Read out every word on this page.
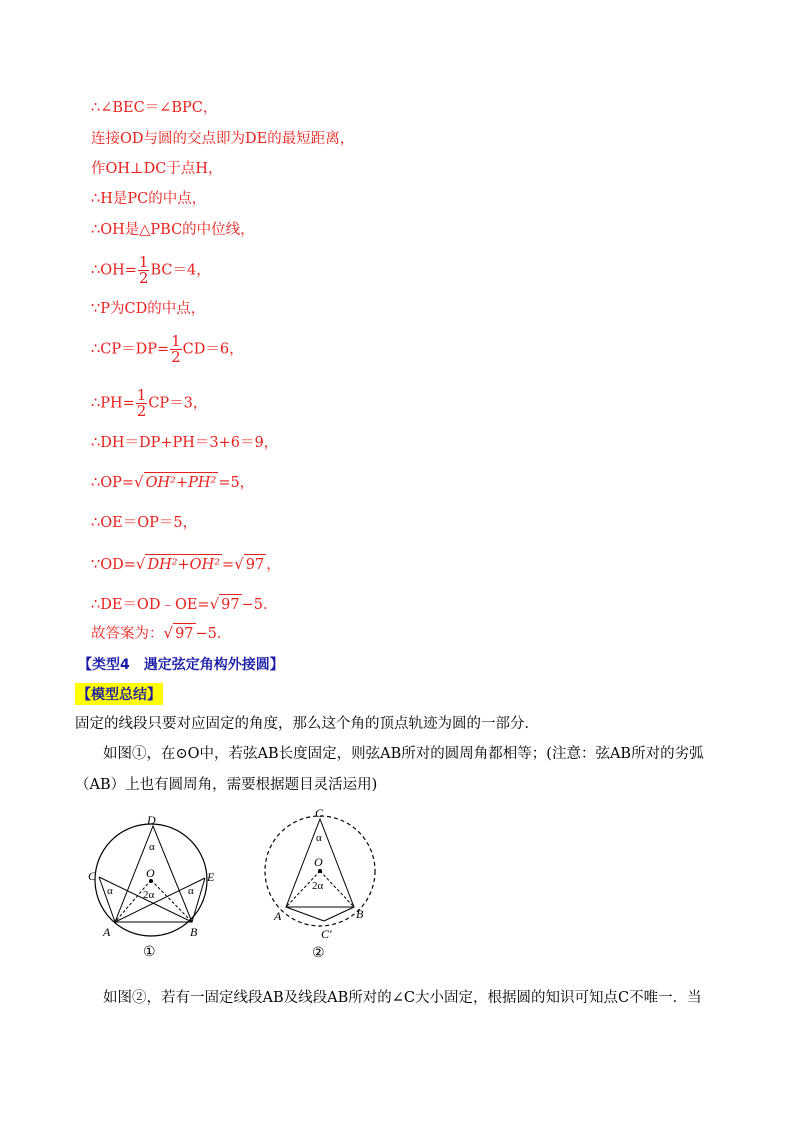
∴∠BEC＝∠BPC，
连接OD与圆的交点即为DE的最短距离，
作OH⊥DC于点H，
∴H是PC的中点，
∴OH是△PBC的中位线，
∴OH= $\frac{1}{2} BC=4$，
∵P为CD的中点，
∴CP＝DP= $\frac{1}{2} CD=6$，
∴PH= $\frac{1}{2} CP=3$，
∴DH＝DP+PH＝3+6＝9，
∴OP=√ OH²+PH² =5，
∴OE＝OP＝5，
∵OD=√ DH²+OH² =√ 97 ，
∴DE＝OD﹣OE=√ 97 −5．
故答案为：√ 97 −5．
【类型4　遇定弦定角构外接圆】
【模型总结】
固定的线段只要对应固定的角度，那么这个角的顶点轨迹为圆的一部分．
如图①，在⊙O中，若弦AB长度固定，则弦AB所对的圆周角都相等；(注意：弦AB所对的劣弧
（AB）上也有圆周角，需要根据题目灵活运用)
D
C	E
O
A	B
α
α	α
2α
①
C
O
A	B
C′
α
2α
②
如图②，若有一固定线段AB及线段AB所对的∠C大小固定，根据圆的知识可知点C不唯一．当
